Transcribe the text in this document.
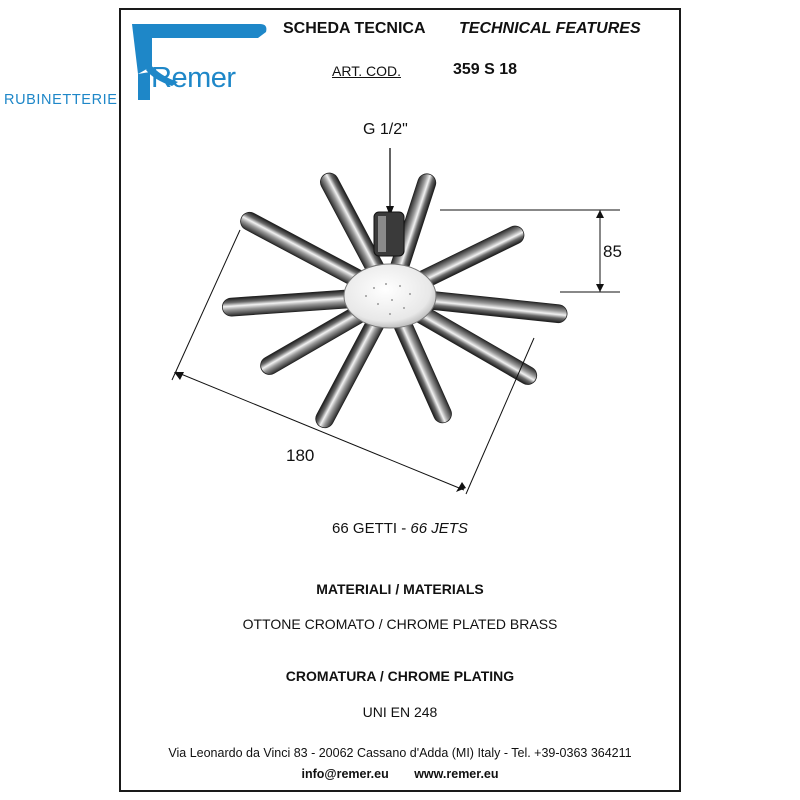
Remer
RUBINETTERIE
SCHEDA TECNICA TECHNICAL FEATURES
ART. COD.	359 S 18
G 1/2"
85
180
66 GETTI - 66 JETS
MATERIALI / MATERIALS
OTTONE CROMATO / CHROME PLATED BRASS
CROMATURA / CHROME PLATING
UNI EN 248
Via Leonardo da Vinci 83 - 20062 Cassano d'Adda (MI) Italy - Tel. +39-0363 364211
info@remer.eu www.remer.eu
